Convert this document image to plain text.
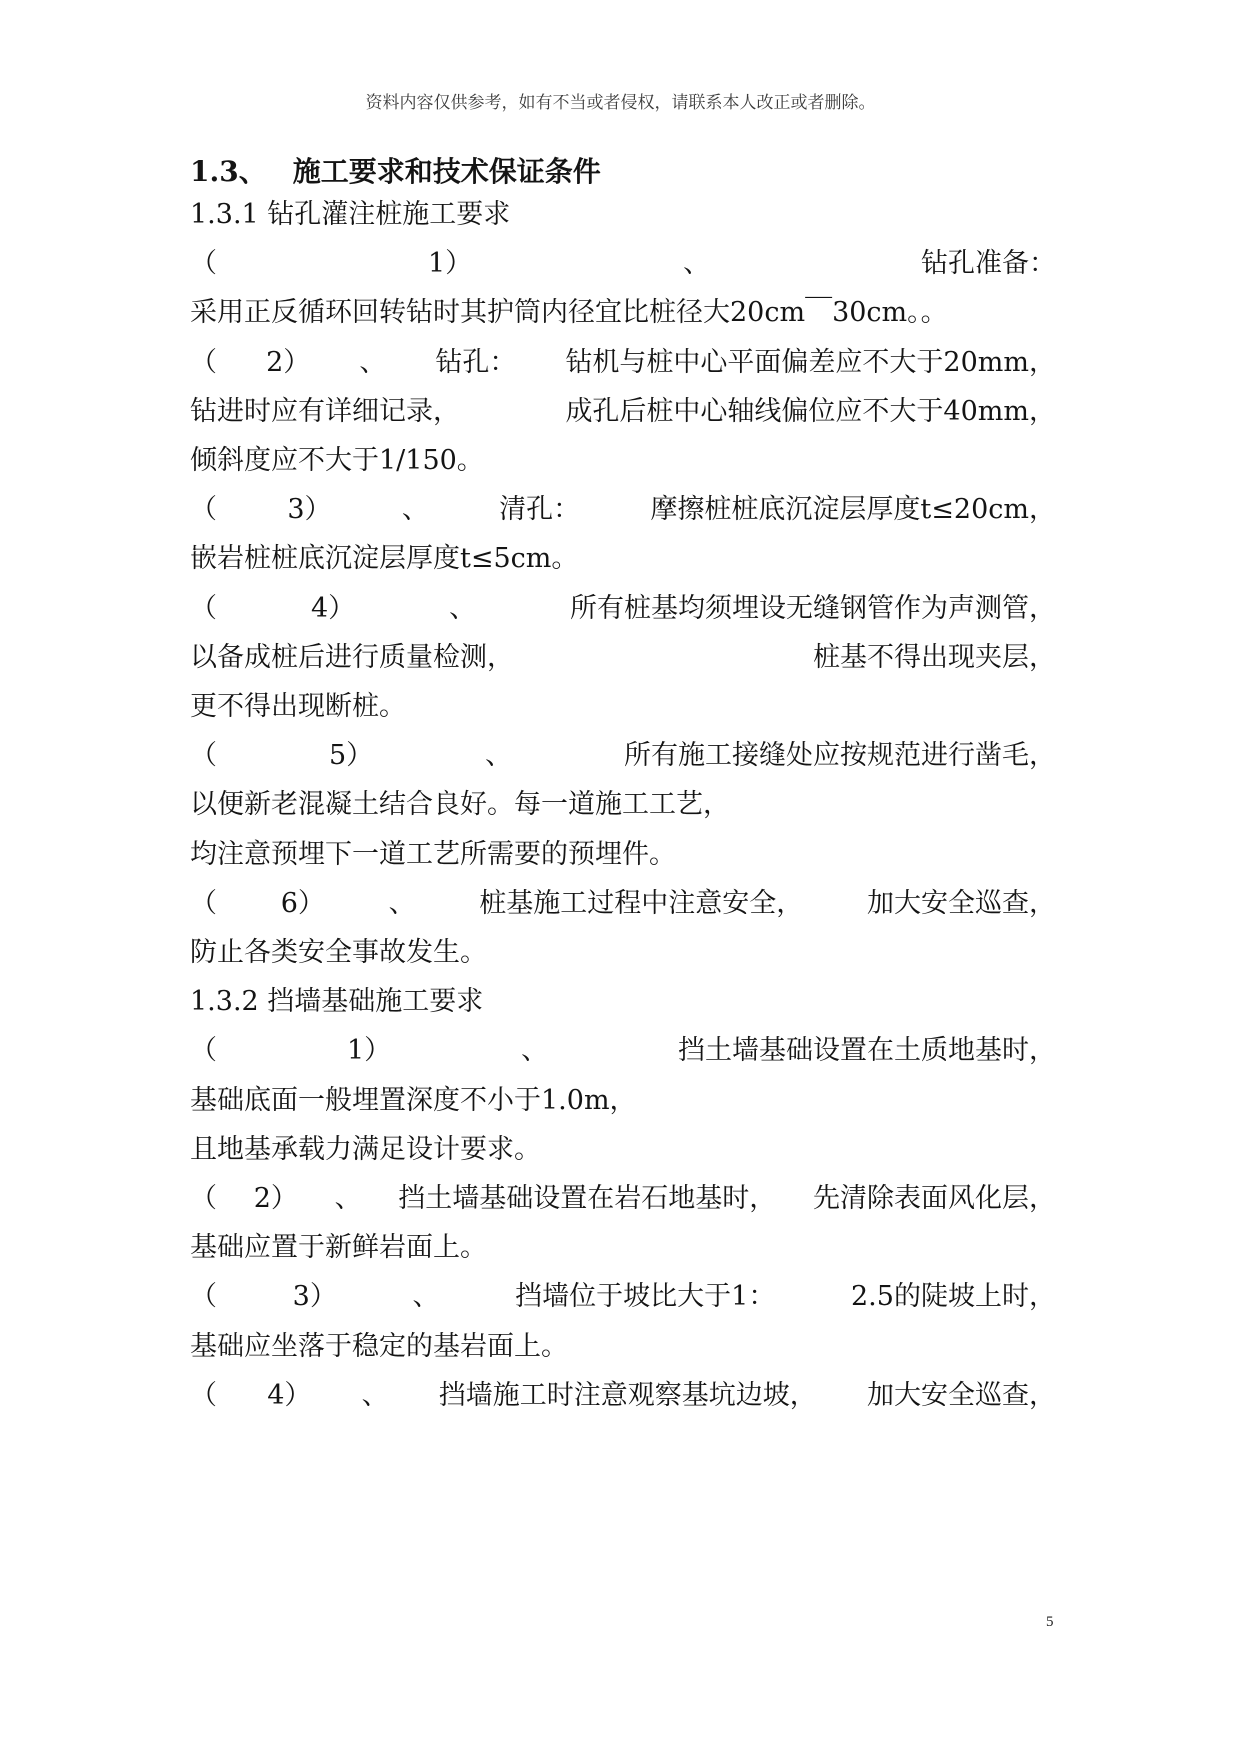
资料内容仅供参考，如有不当或者侵权，请联系本人改正或者删除。
1.3、 施工要求和技术保证条件
1.3.1 钻孔灌注桩施工要求
（	1）	、	钻孔准备：
采用正反循环回转钻时其护筒内径宜比桩径大20cm￣30cm。。
（ 2） 、 钻孔： 钻机与桩中心平面偏差应不大于20mm，
钻进时应有详细记录，	成孔后桩中心轴线偏位应不大于40mm，
倾斜度应不大于1/150。
（	3）	、	清孔：	摩擦桩桩底沉淀层厚度t≤20cm，
嵌岩桩桩底沉淀层厚度t≤5cm。
（	4）	、	所有桩基均须埋设无缝钢管作为声测管，
以备成桩后进行质量检测，	桩基不得出现夹层，
更不得出现断桩。
（	5）	、	所有施工接缝处应按规范进行凿毛，
以便新老混凝土结合良好。每一道施工工艺，
均注意预埋下一道工艺所需要的预埋件。
（ 6） 、 桩基施工过程中注意安全， 加大安全巡查，
防止各类安全事故发生。
1.3.2 挡墙基础施工要求
（	1）	、	挡土墙基础设置在土质地基时，
基础底面一般埋置深度不小于1.0m，
且地基承载力满足设计要求。
（ 2） 、 挡土墙基础设置在岩石地基时， 先清除表面风化层，
基础应置于新鲜岩面上。
（	3）	、	挡墙位于坡比大于1：	2.5的陡坡上时，
基础应坐落于稳定的基岩面上。
（ 4） 、 挡墙施工时注意观察基坑边坡， 加大安全巡查，
5
